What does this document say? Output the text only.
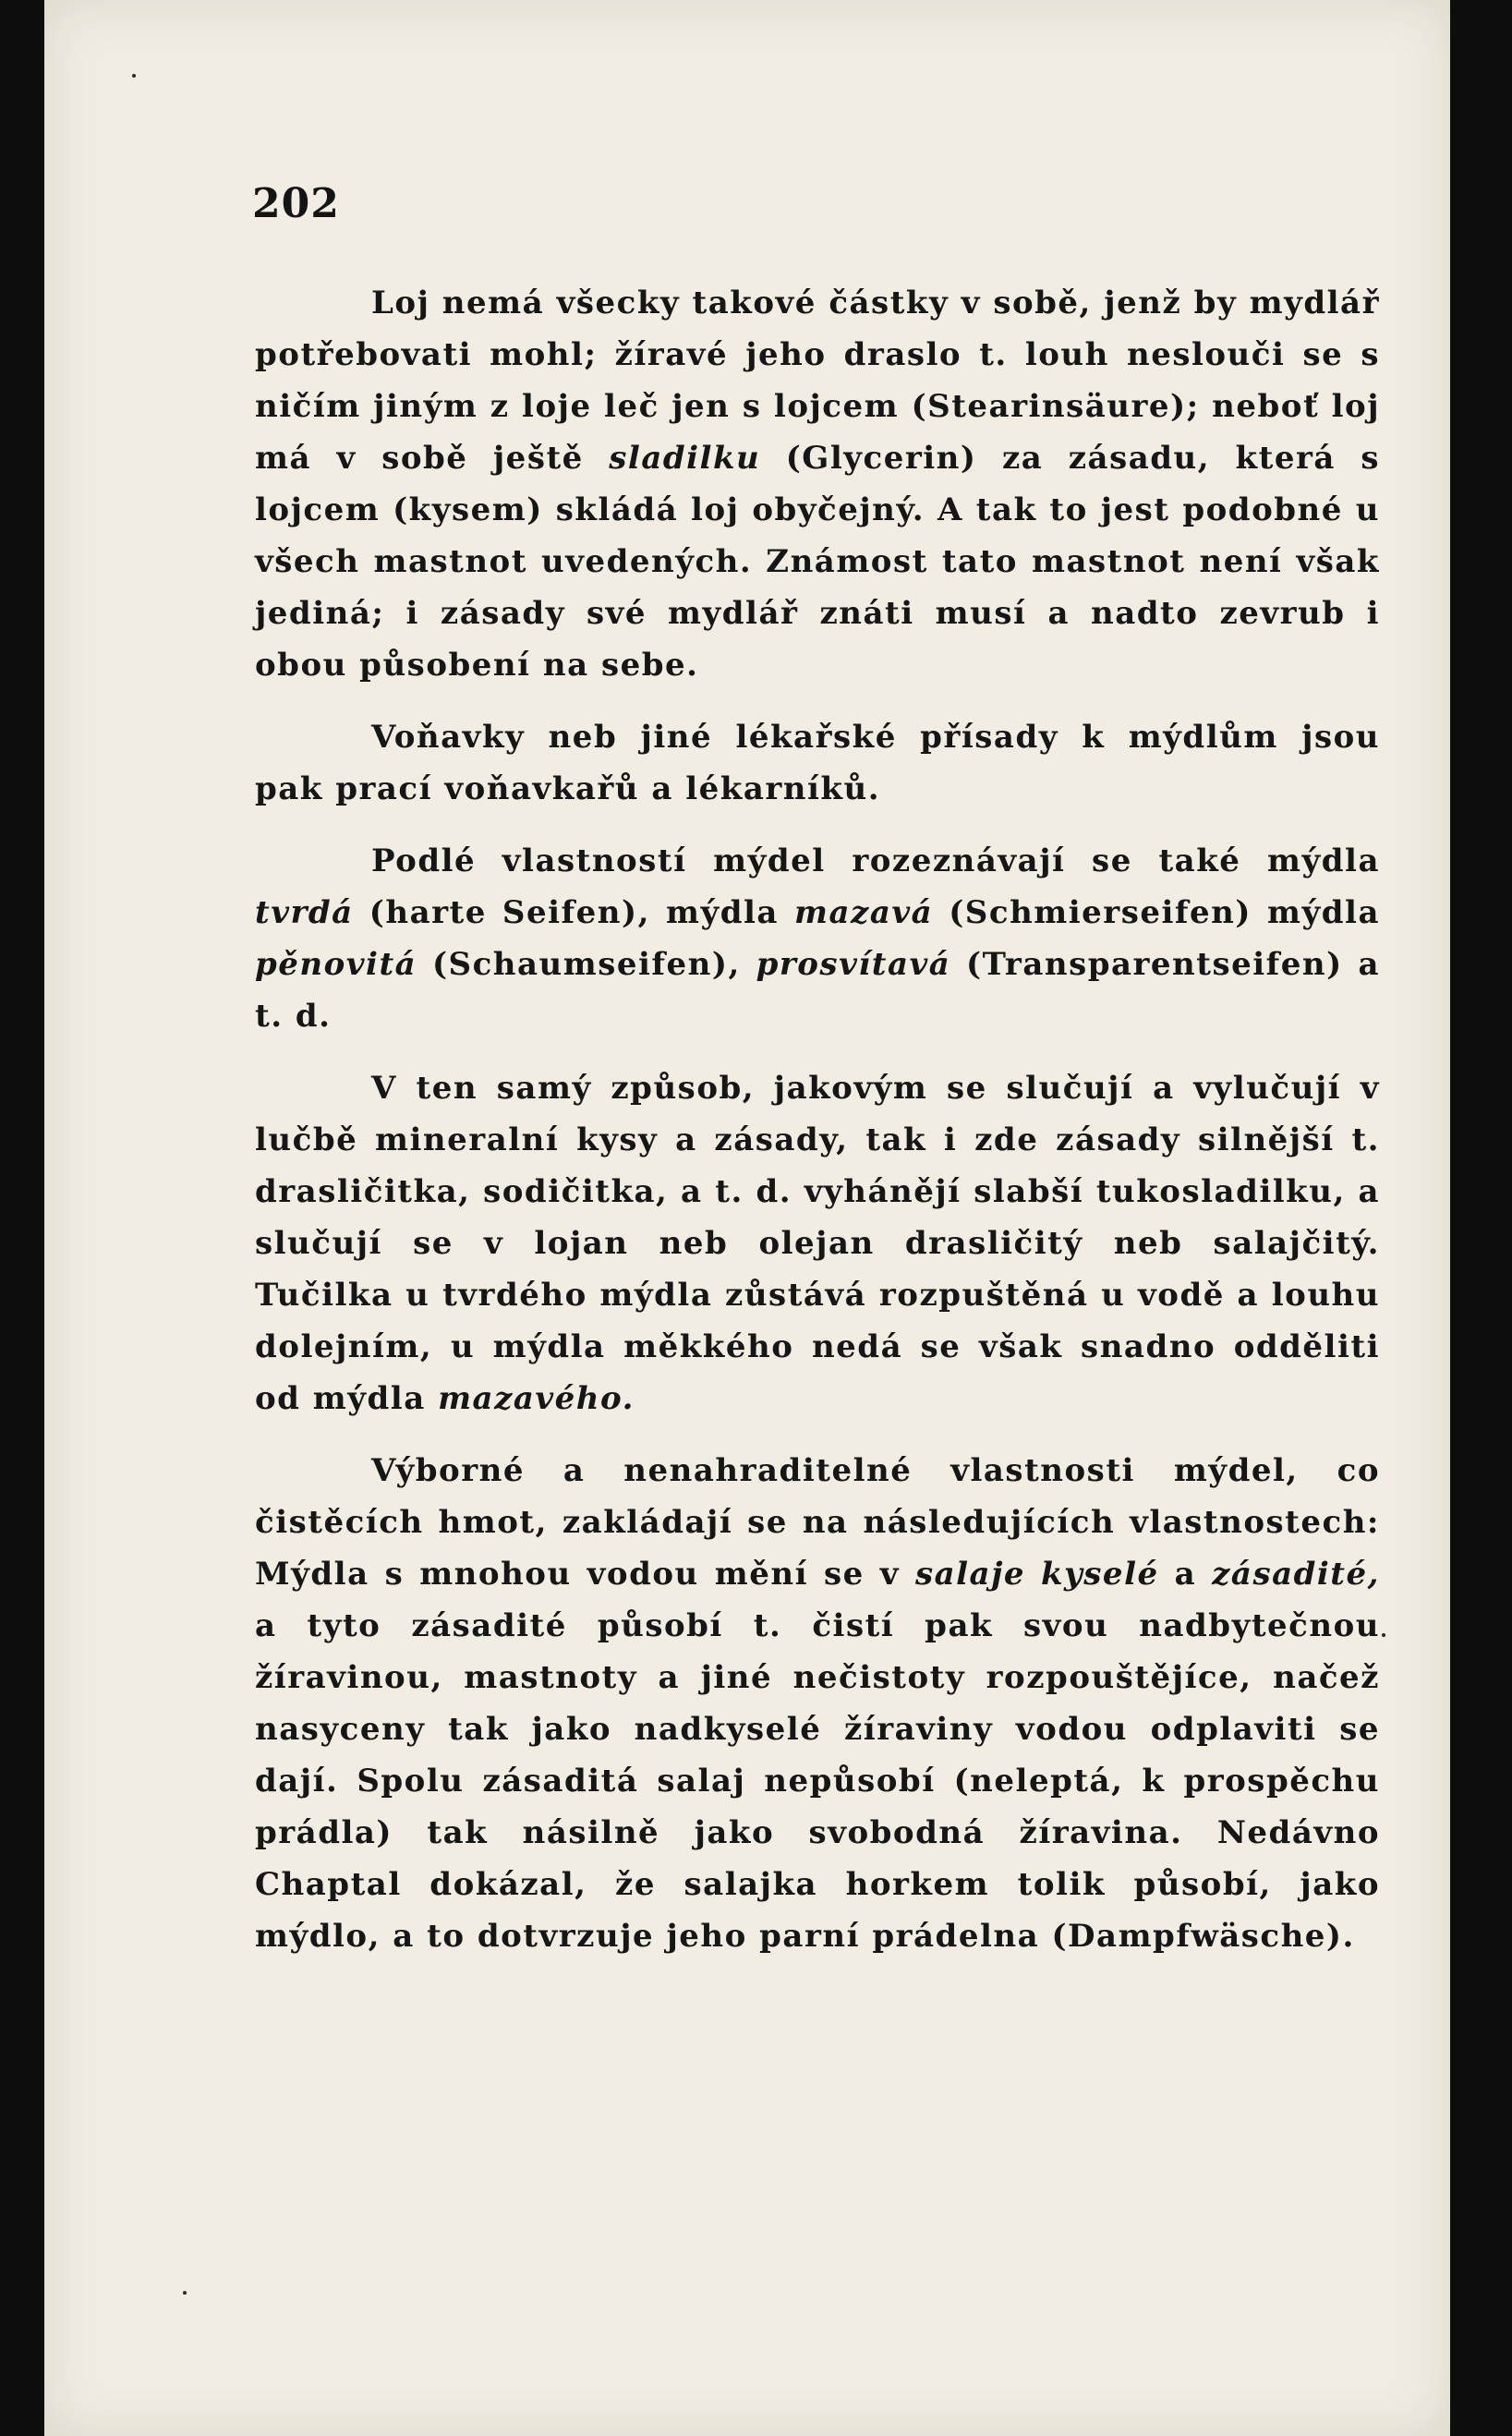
202

Loj nemá všecky takové částky v sobě, jenž by mydlář potřebovati mohl; žíravé jeho draslo t. louh neslouči se s ničím jiným z loje leč jen s lojcem (Stearinsäure); neboť loj má v sobě ještě sladilku (Glycerin) za zásadu, která s lojcem (kysem) skládá loj obyčejný. A tak to jest podobné u všech mastnot uvedených. Známost tato mastnot není však jediná; i zásady své mydlář znáti musí a nadto zevrub i obou působení na sebe.

Voňavky neb jiné lékařské přísady k mýdlům jsou pak prací voňavkařů a lékarníků.

Podlé vlastností mýdel rozeznávají se také mýdla tvrdá (harte Seifen), mýdla mazavá (Schmierseifen) mýdla pěnovitá (Schaumseifen), prosvítavá (Transparentseifen) a t. d.

V ten samý způsob, jakovým se slučují a vylučují v lučbě mineralní kysy a zásady, tak i zde zásady silnější t. drasličitka, sodičitka, a t. d. vyhánějí slabší tukosladilku, a slučují se v lojan neb olejan drasličitý neb salajčitý. Tučilka u tvrdého mýdla zůstává rozpuštěná u vodě a louhu dolejním, u mýdla měkkého nedá se však snadno odděliti od mýdla mazavého.

Výborné a nenahraditelné vlastnosti mýdel, co čistěcích hmot, zakládají se na následujících vlastnostech: Mýdla s mnohou vodou mění se v salaje kyselé a zásadité, a tyto zásadité působí t. čistí pak svou nadbytečnou žíravinou, mastnoty a jiné nečistoty rozpouštějíce, načež nasyceny tak jako nadkyselé žíraviny vodou odplaviti se dají. Spolu zásaditá salaj nepůsobí (neleptá, k prospěchu prádla) tak násilně jako svobodná žíravina. Nedávno Chaptal dokázal, že salajka horkem tolik působí, jako mýdlo, a to dotvrzuje jeho parní prádelna (Dampfwäsche).
